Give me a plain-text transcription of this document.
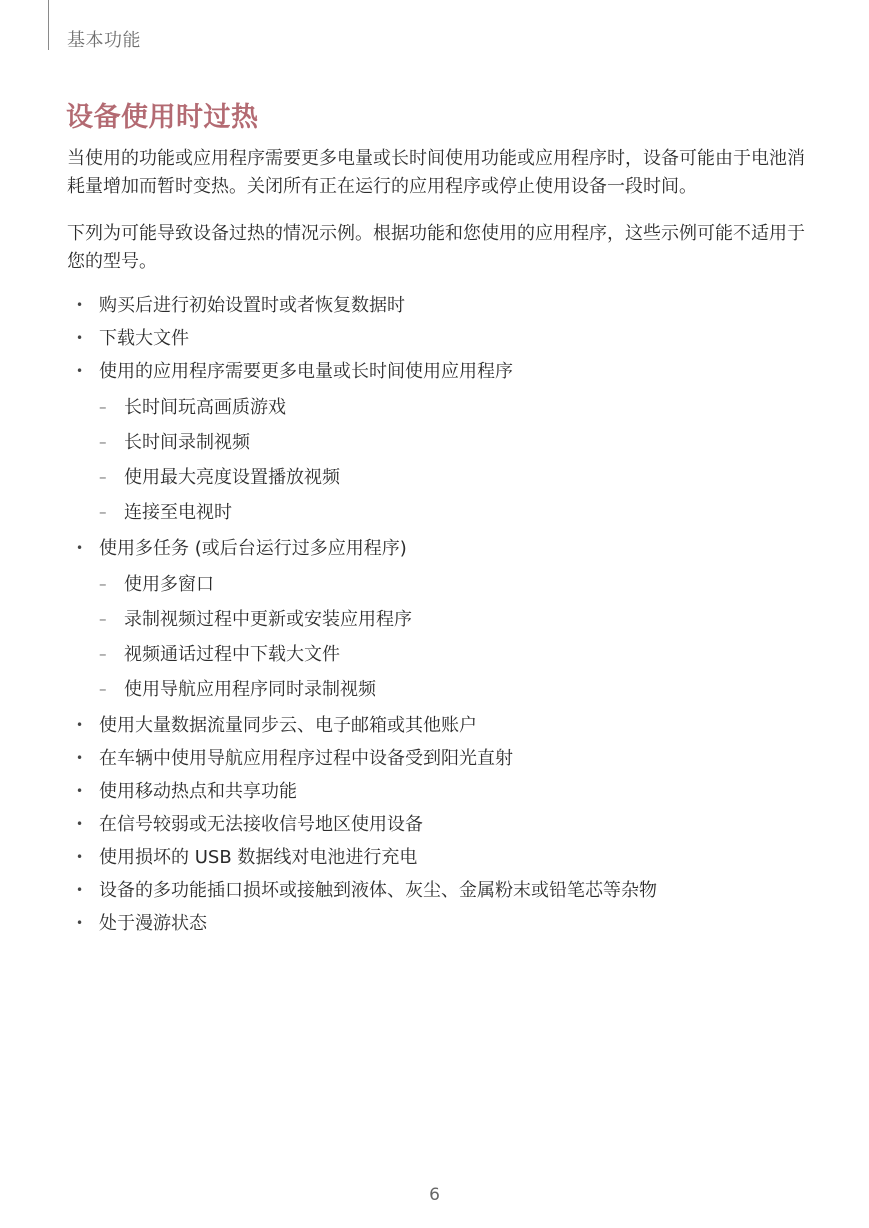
基本功能
设备使用时过热

当使用的功能或应用程序需要更多电量或长时间使用功能或应用程序时，设备可能由于电池消耗量增加而暂时变热。关闭所有正在运行的应用程序或停止使用设备一段时间。

下列为可能导致设备过热的情况示例。根据功能和您使用的应用程序，这些示例可能不适用于您的型号。

• 购买后进行初始设置时或者恢复数据时
• 下载大文件
• 使用的应用程序需要更多电量或长时间使用应用程序
– 长时间玩高画质游戏
– 长时间录制视频
– 使用最大亮度设置播放视频
– 连接至电视时
• 使用多任务 (或后台运行过多应用程序)
– 使用多窗口
– 录制视频过程中更新或安装应用程序
– 视频通话过程中下载大文件
– 使用导航应用程序同时录制视频
• 使用大量数据流量同步云、电子邮箱或其他账户
• 在车辆中使用导航应用程序过程中设备受到阳光直射
• 使用移动热点和共享功能
• 在信号较弱或无法接收信号地区使用设备
• 使用损坏的 USB 数据线对电池进行充电
• 设备的多功能插口损坏或接触到液体、灰尘、金属粉末或铅笔芯等杂物
• 处于漫游状态
6
